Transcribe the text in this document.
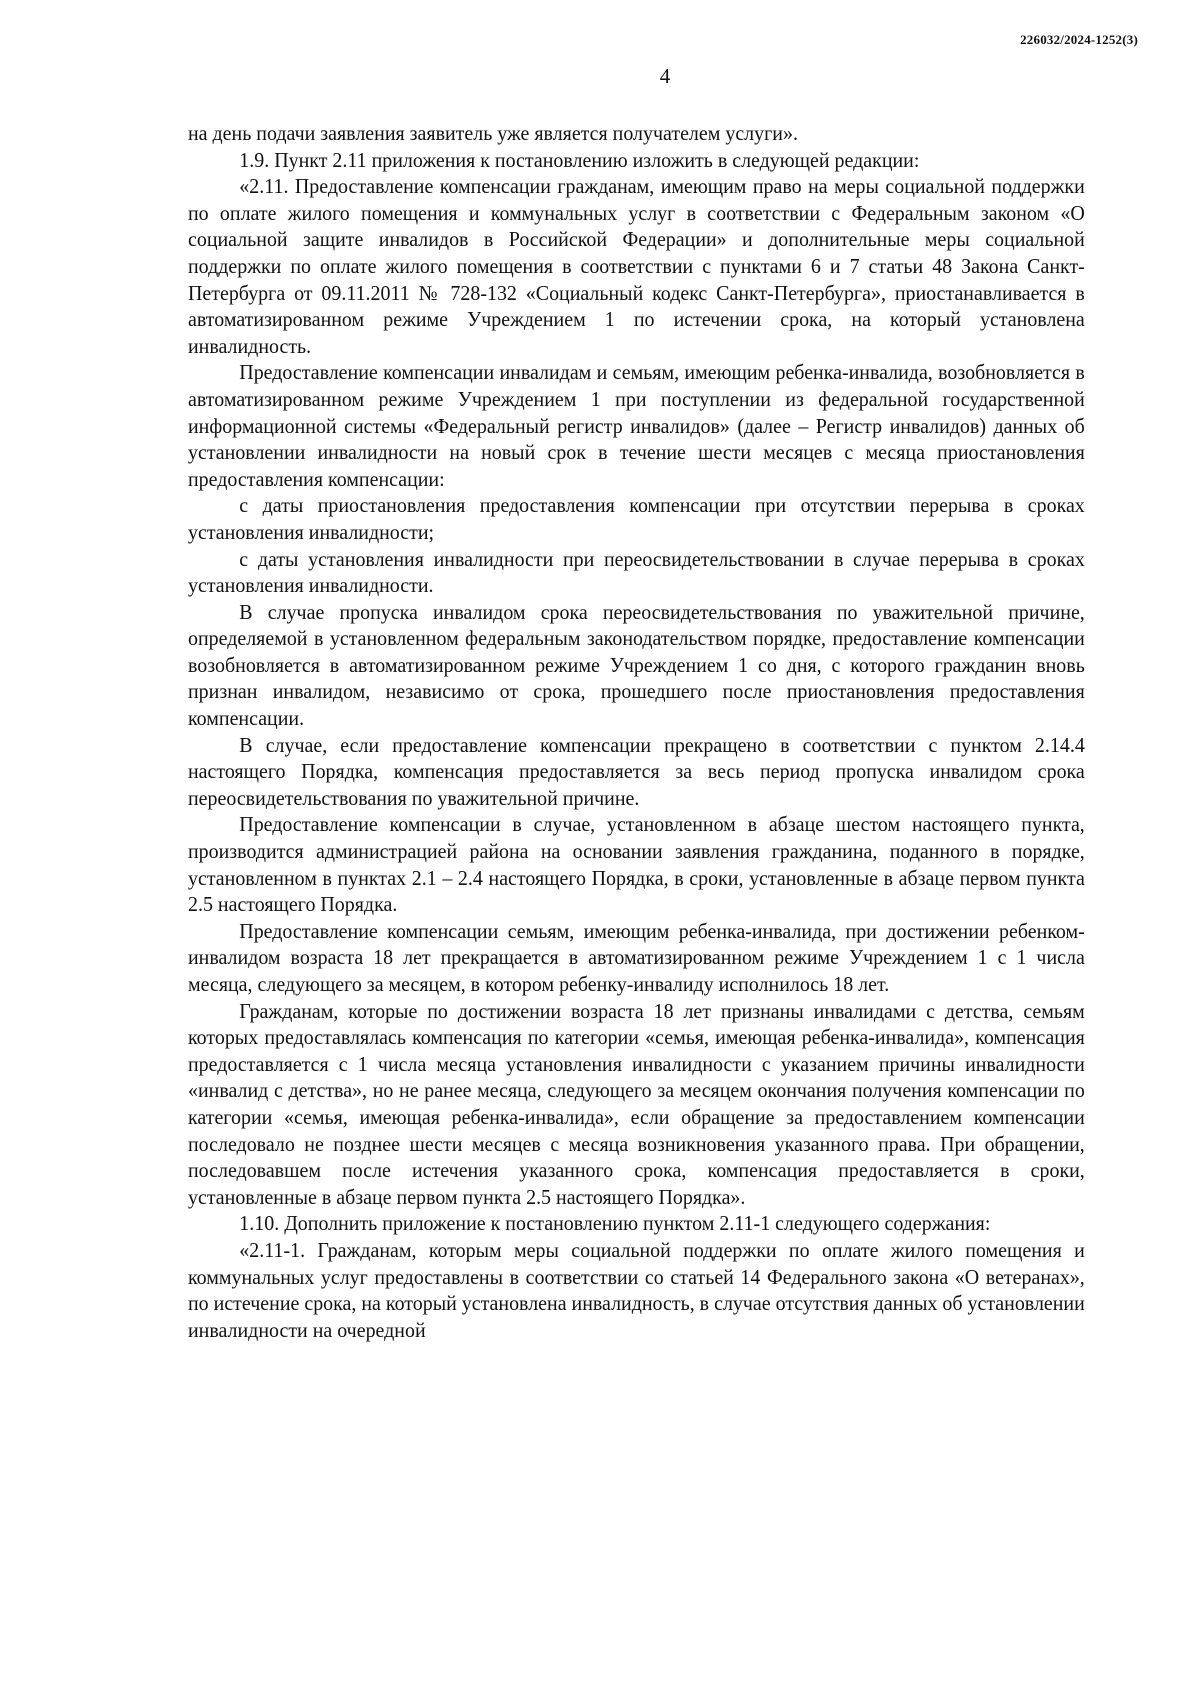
226032/2024-1252(3)
4

на день подачи заявления заявитель уже является получателем услуги».

1.9. Пункт 2.11 приложения к постановлению изложить в следующей редакции:

«2.11. Предоставление компенсации гражданам, имеющим право на меры социальной поддержки по оплате жилого помещения и коммунальных услуг в соответствии с Федеральным законом «О социальной защите инвалидов в Российской Федерации» и дополнительные меры социальной поддержки по оплате жилого помещения в соответствии с пунктами 6 и 7 статьи 48 Закона Санкт-Петербурга от 09.11.2011 № 728-132 «Социальный кодекс Санкт-Петербурга», приостанавливается в автоматизированном режиме Учреждением 1 по истечении срока, на который установлена инвалидность.

Предоставление компенсации инвалидам и семьям, имеющим ребенка-инвалида, возобновляется в автоматизированном режиме Учреждением 1 при поступлении из федеральной государственной информационной системы «Федеральный регистр инвалидов» (далее – Регистр инвалидов) данных об установлении инвалидности на новый срок в течение шести месяцев с месяца приостановления предоставления компенсации:

с даты приостановления предоставления компенсации при отсутствии перерыва в сроках установления инвалидности;

с даты установления инвалидности при переосвидетельствовании в случае перерыва в сроках установления инвалидности.

В случае пропуска инвалидом срока переосвидетельствования по уважительной причине, определяемой в установленном федеральным законодательством порядке, предоставление компенсации возобновляется в автоматизированном режиме Учреждением 1 со дня, с которого гражданин вновь признан инвалидом, независимо от срока, прошедшего после приостановления предоставления компенсации.

В случае, если предоставление компенсации прекращено в соответствии с пунктом 2.14.4 настоящего Порядка, компенсация предоставляется за весь период пропуска инвалидом срока переосвидетельствования по уважительной причине.

Предоставление компенсации в случае, установленном в абзаце шестом настоящего пункта, производится администрацией района на основании заявления гражданина, поданного в порядке, установленном в пунктах 2.1 – 2.4 настоящего Порядка, в сроки, установленные в абзаце первом пункта 2.5 настоящего Порядка.

Предоставление компенсации семьям, имеющим ребенка-инвалида, при достижении ребенком-инвалидом возраста 18 лет прекращается в автоматизированном режиме Учреждением 1 с 1 числа месяца, следующего за месяцем, в котором ребенку-инвалиду исполнилось 18 лет.

Гражданам, которые по достижении возраста 18 лет признаны инвалидами с детства, семьям которых предоставлялась компенсация по категории «семья, имеющая ребенка-инвалида», компенсация предоставляется с 1 числа месяца установления инвалидности с указанием причины инвалидности «инвалид с детства», но не ранее месяца, следующего за месяцем окончания получения компенсации по категории «семья, имеющая ребенка-инвалида», если обращение за предоставлением компенсации последовало не позднее шести месяцев с месяца возникновения указанного права. При обращении, последовавшем после истечения указанного срока, компенсация предоставляется в сроки, установленные в абзаце первом пункта 2.5 настоящего Порядка».

1.10. Дополнить приложение к постановлению пунктом 2.11-1 следующего содержания:

«2.11-1. Гражданам, которым меры социальной поддержки по оплате жилого помещения и коммунальных услуг предоставлены в соответствии со статьей 14 Федерального закона «О ветеранах», по истечение срока, на который установлена инвалидность, в случае отсутствия данных об установлении инвалидности на очередной
